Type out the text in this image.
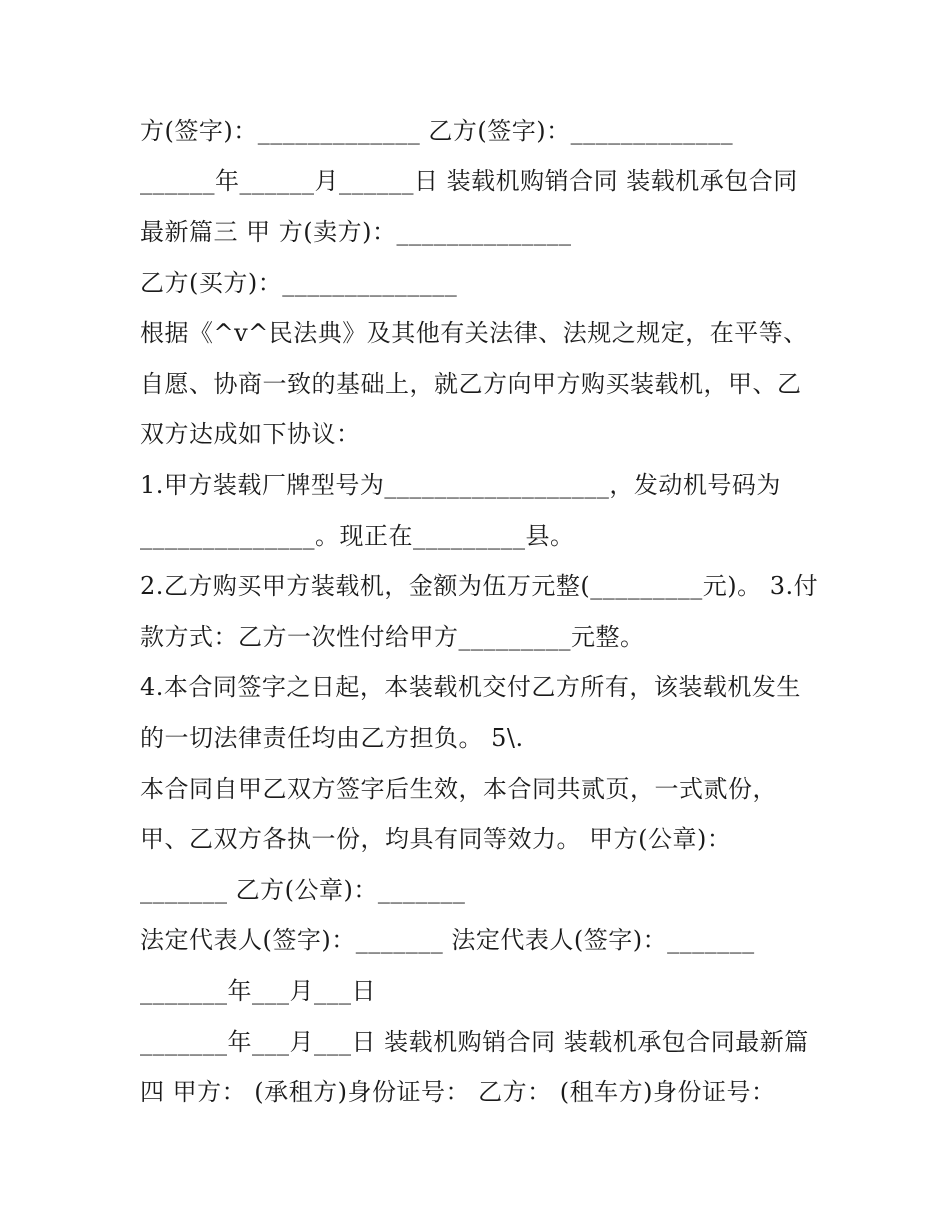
方(签字)：_____________ 乙方(签字)：_____________
______年______月______日 装载机购销合同 装载机承包合同
最新篇三 甲 方(卖方)：______________
乙方(买方)：______________
根据《^v^民法典》及其他有关法律、法规之规定，在平等、
自愿、协商一致的基础上，就乙方向甲方购买装载机，甲、乙
双方达成如下协议：
1.甲方装载厂牌型号为__________________，发动机号码为
______________。现正在_________县。
2.乙方购买甲方装载机，金额为伍万元整(_________元)。 3.付
款方式：乙方一次性付给甲方_________元整。
4.本合同签字之日起，本装载机交付乙方所有，该装载机发生
的一切法律责任均由乙方担负。 5\.
本合同自甲乙双方签字后生效，本合同共贰页，一式贰份，
甲、乙双方各执一份，均具有同等效力。 甲方(公章)：
_______ 乙方(公章)：_______
法定代表人(签字)：_______ 法定代表人(签字)：_______
_______年___月___日
_______年___月___日 装载机购销合同 装载机承包合同最新篇
四 甲方： (承租方)身份证号： 乙方： (租车方)身份证号：
